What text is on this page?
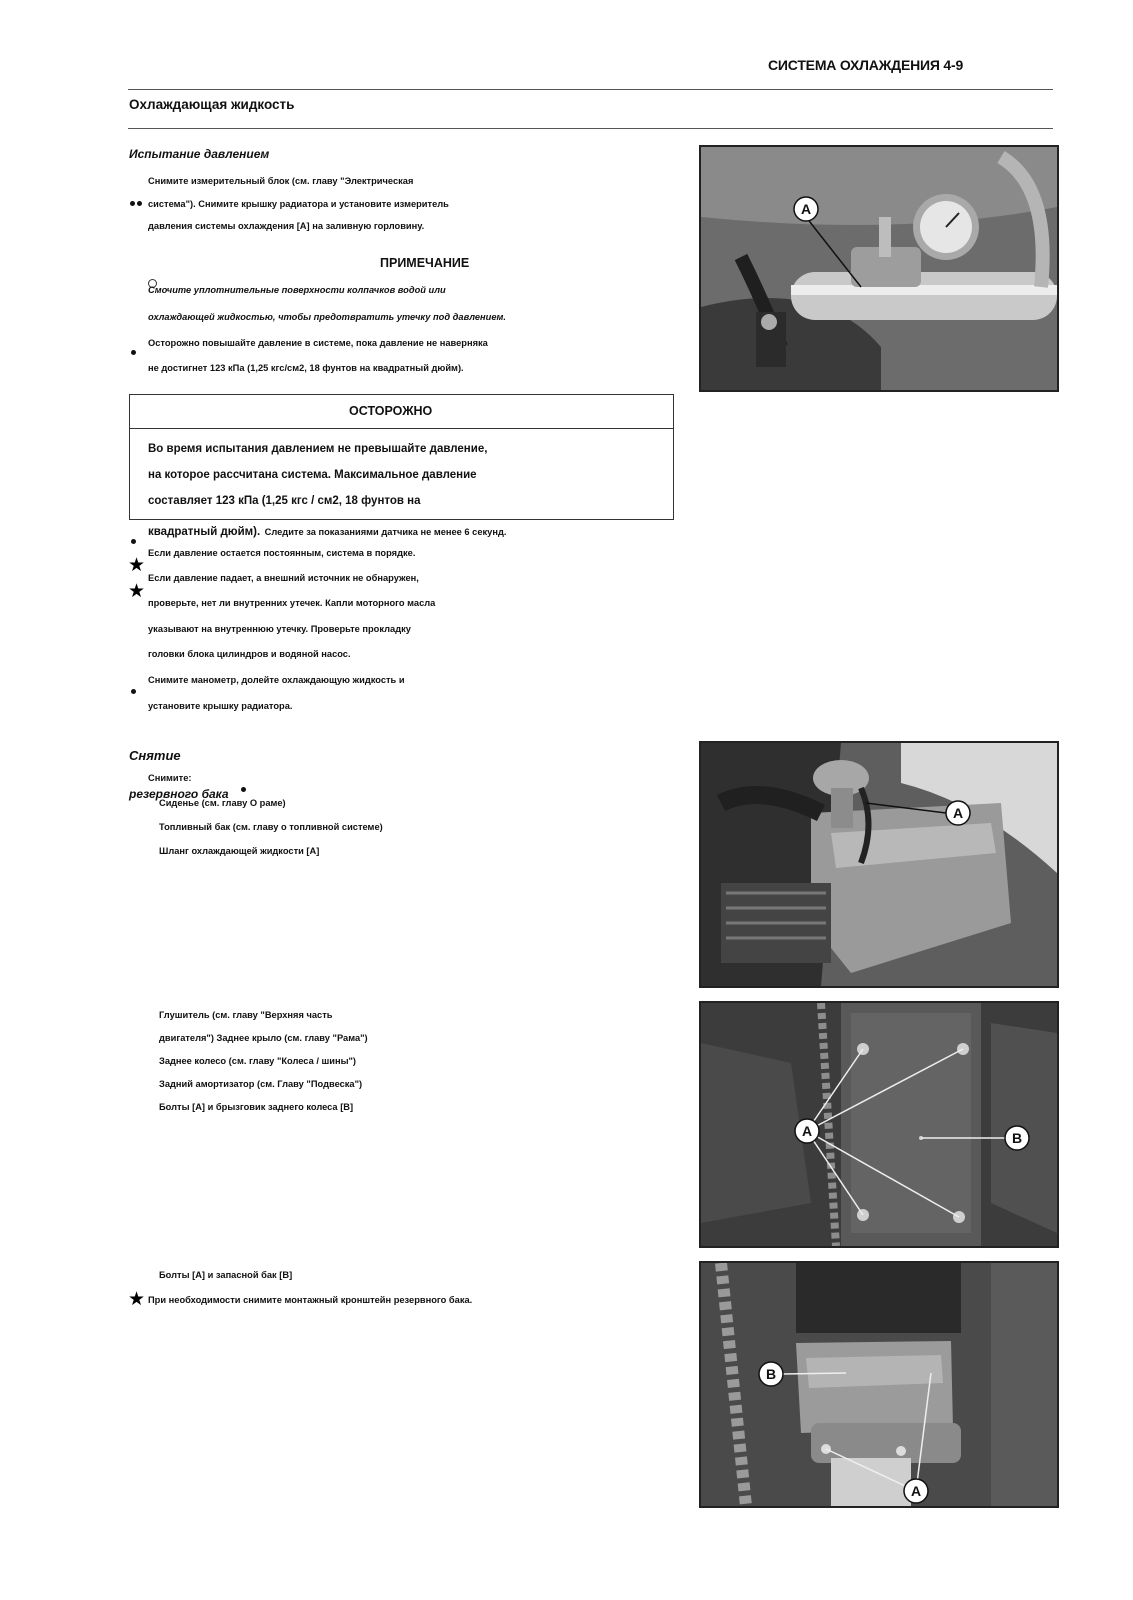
СИСТЕМА ОХЛАЖДЕНИЯ 4-9
Охлаждающая жидкость
Испытание давлением
Снимите измерительный блок (см. главу "Электрическая
система"). Снимите крышку радиатора и установите измеритель
давления системы охлаждения [A] на заливную горловину.
ПРИМЕЧАНИЕ
Смочите уплотнительные поверхности колпачков водой или
охлаждающей жидкостью, чтобы предотвратить утечку под давлением.
Осторожно повышайте давление в системе, пока давление не наверняка
не достигнет 123 кПа (1,25 кгс/см2, 18 фунтов на квадратный дюйм).
ОСТОРОЖНО
Во время испытания давлением не превышайте давление,
на которое рассчитана система. Максимальное давление
составляет 123 кПа (1,25 кгс / см2, 18 фунтов на
квадратный дюйм). Следите за показаниями датчика не менее 6 секунд.
Если давление остается постоянным, система в порядке.
★
★
Если давление падает, а внешний источник не обнаружен,
проверьте, нет ли внутренних утечек. Капли моторного масла
указывают на внутреннюю утечку. Проверьте прокладку
головки блока цилиндров и водяной насос.
Снимите манометр, долейте охлаждающую жидкость и
установите крышку радиатора.
Снятие
Снимите:
резервного бака
Сиденье (см. главу О раме)
Топливный бак (см. главу о топливной системе)
Шланг охлаждающей жидкости [A]
Глушитель (см. главу "Верхняя часть
двигателя") Заднее крыло (см. главу "Рама")
Заднее колесо (см. главу "Колеса / шины")
Задний амортизатор (см. Главу "Подвеска")
Болты [A] и брызговик заднего колеса [B]
Болты [A] и запасной бак [B]
★ При необходимости снимите монтажный кронштейн резервного бака.
A
A
A	B
B
A
